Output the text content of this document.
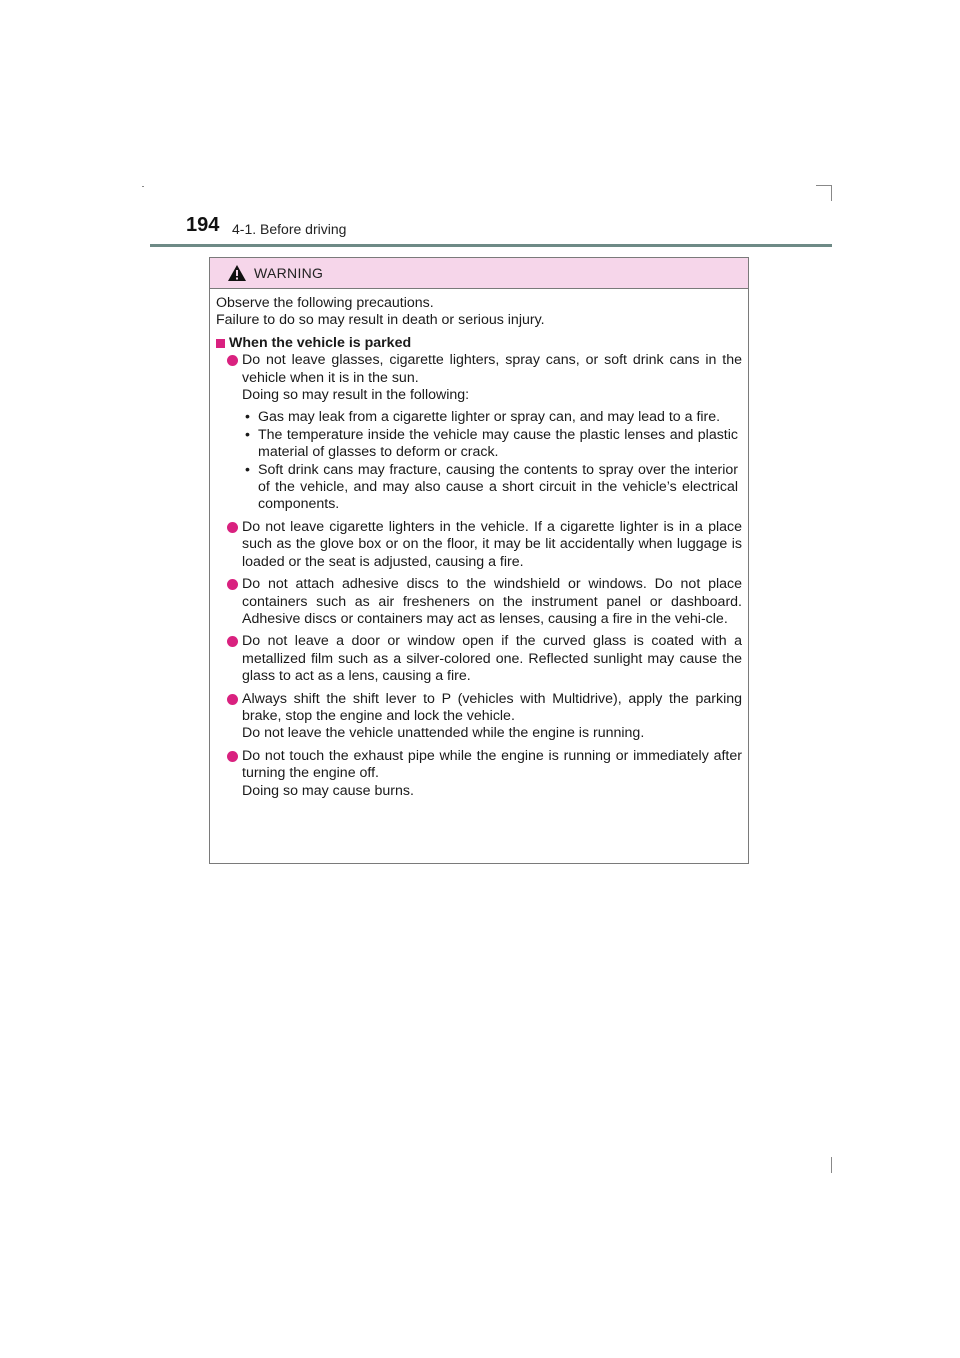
194 4-1. Before driving
WARNING

Observe the following precautions.
Failure to do so may result in death or serious injury.

When the vehicle is parked

Do not leave glasses, cigarette lighters, spray cans, or soft drink cans in the vehicle when it is in the sun.
Doing so may result in the following:
• Gas may leak from a cigarette lighter or spray can, and may lead to a fire.
• The temperature inside the vehicle may cause the plastic lenses and plastic material of glasses to deform or crack.
• Soft drink cans may fracture, causing the contents to spray over the interior of the vehicle, and may also cause a short circuit in the vehicle’s electrical components.
Do not leave cigarette lighters in the vehicle. If a cigarette lighter is in a place such as the glove box or on the floor, it may be lit accidentally when luggage is loaded or the seat is adjusted, causing a fire.
Do not attach adhesive discs to the windshield or windows. Do not place containers such as air fresheners on the instrument panel or dashboard. Adhesive discs or containers may act as lenses, causing a fire in the vehi-cle.
Do not leave a door or window open if the curved glass is coated with a metallized film such as a silver-colored one. Reflected sunlight may cause the glass to act as a lens, causing a fire.
Always shift the shift lever to P (vehicles with Multidrive), apply the parking brake, stop the engine and lock the vehicle.
Do not leave the vehicle unattended while the engine is running.
Do not touch the exhaust pipe while the engine is running or immediately after turning the engine off.
Doing so may cause burns.
